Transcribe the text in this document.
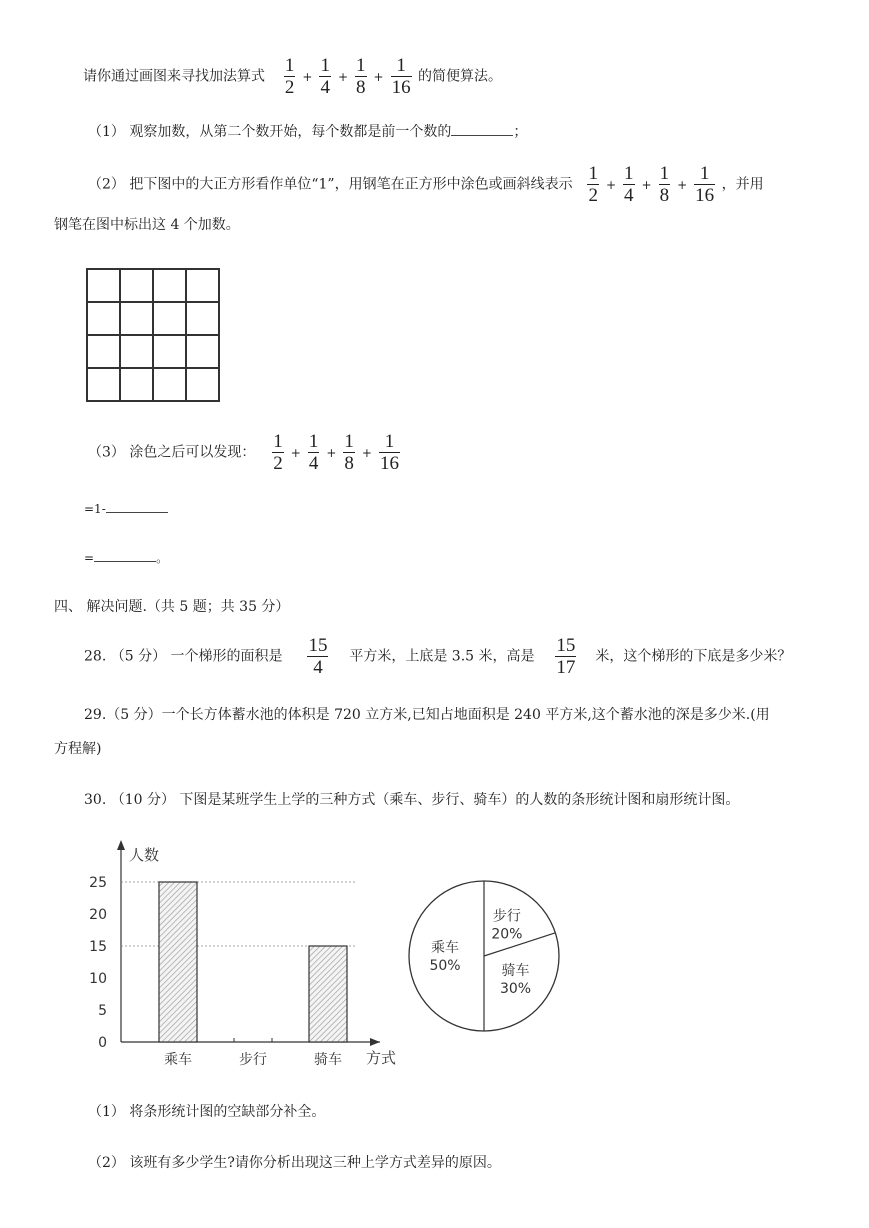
请你通过画图来寻找加法算式 $\frac{1}{2} + \frac{1}{4} + \frac{1}{8} + \frac{1}{16}$ 的简便算法。
（1） 观察加数，从第二个数开始，每个数都是前一个数的	；
（2） 把下图中的大正方形看作单位“1”，用钢笔在正方形中涂色或画斜线表示 $\frac{1}{2} + \frac{1}{4} + \frac{1}{8} + \frac{1}{16}$ ，并用
钢笔在图中标出这 4 个加数。
（3） 涂色之后可以发现： $\frac{1}{2} + \frac{1}{4} + \frac{1}{8} + \frac{1}{16}$
=1-
=	。
四、 解决问题.（共 5 题；共 35 分）
28. （5 分） 一个梯形的面积是 $\frac{15}{4}$ 平方米，上底是 3.5 米，高是 $\frac{15}{17}$ 米，这个梯形的下底是多少米？
29.（5 分）一个长方体蓄水池的体积是 720 立方米,已知占地面积是 240 平方米,这个蓄水池的深是多少米.(用
方程解)
30. （10 分） 下图是某班学生上学的三种方式（乘车、步行、骑车）的人数的条形统计图和扇形统计图。
人数
方式
0
5
10
15
20
25
乘车	步行	骑车
乘车
50%
步行
20%
骑车
30%
（1） 将条形统计图的空缺部分补全。
（2） 该班有多少学生?请你分析出现这三种上学方式差异的原因。
